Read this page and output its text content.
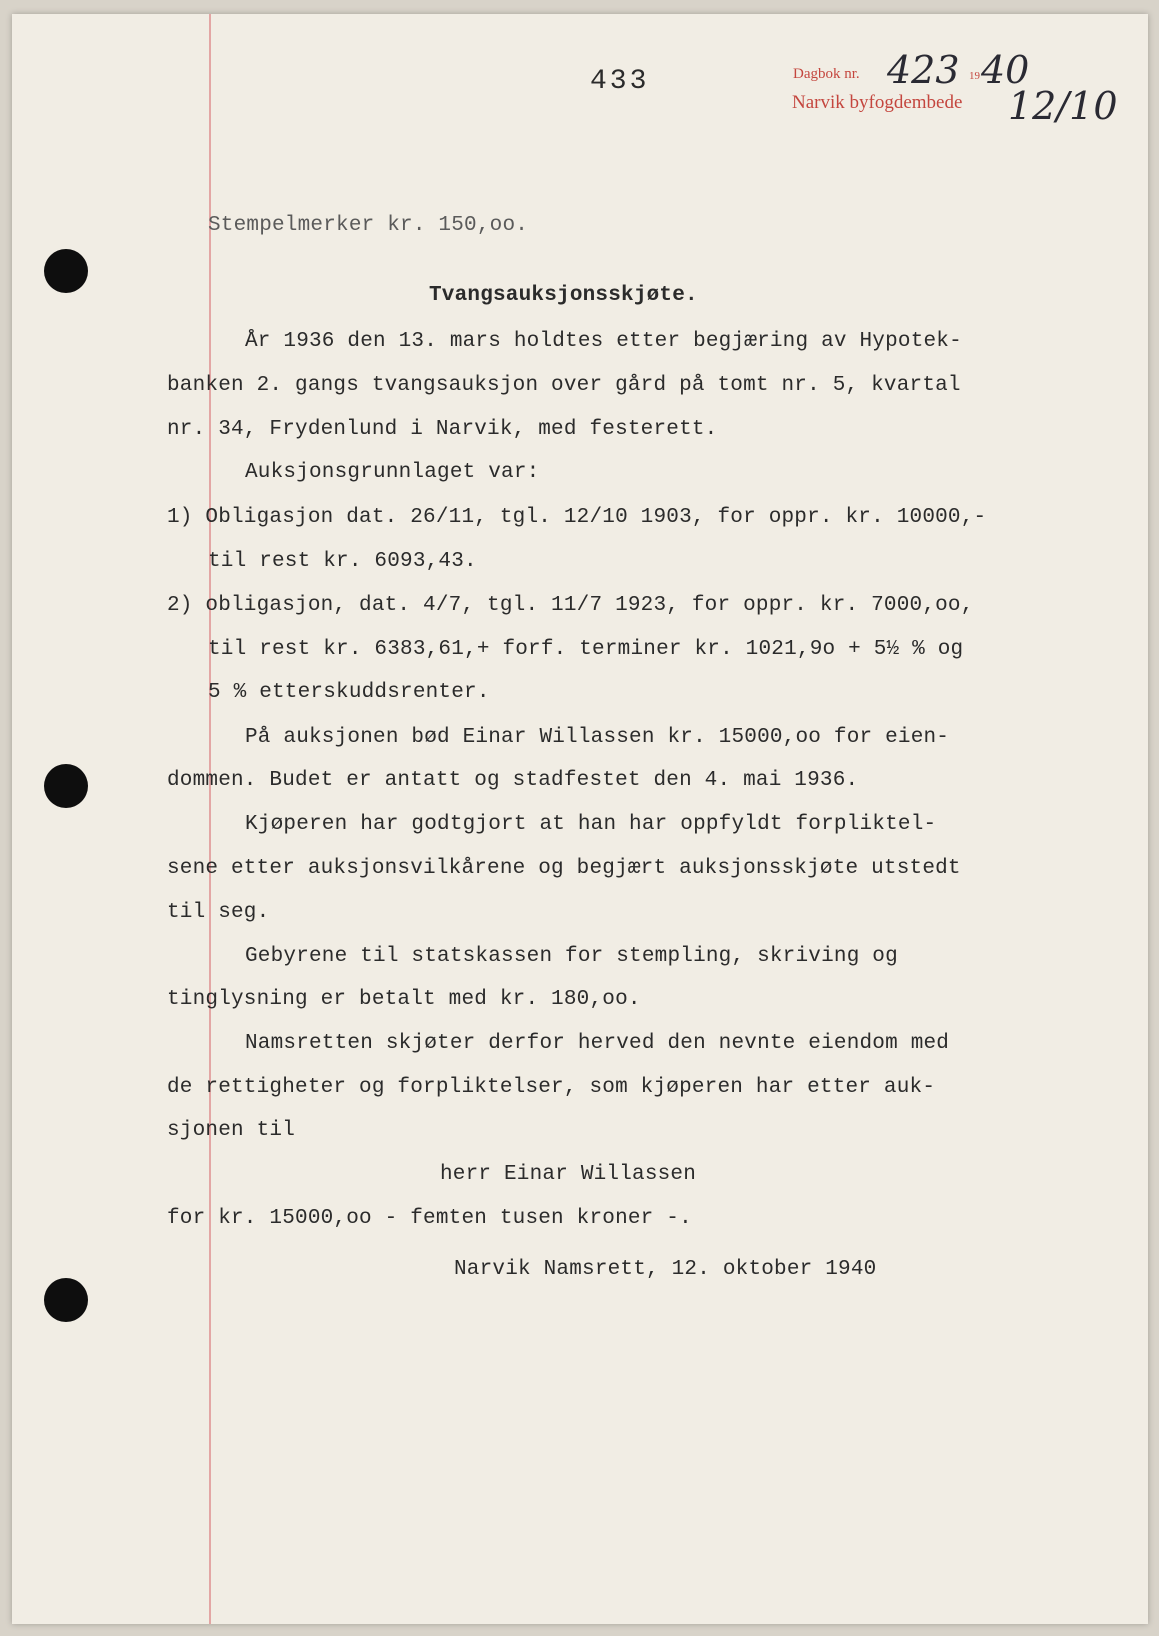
433	Dagbok nr.	19
Narvik byfogdembede
423 40
12/10
Stempelmerker kr. 150,oo.
Tvangsauksjonsskjøte.
År 1936 den 13. mars holdtes etter begjæring av Hypotek-
banken 2. gangs tvangsauksjon over gård på tomt nr. 5, kvartal
nr. 34, Frydenlund i Narvik, med festerett.
Auksjonsgrunnlaget var:
1) Obligasjon dat. 26/11, tgl. 12/10 1903, for oppr. kr. 10000,-
til rest kr. 6093,43.
2) obligasjon, dat. 4/7, tgl. 11/7 1923, for oppr. kr. 7000,oo,
til rest kr. 6383,61,+ forf. terminer kr. 1021,9o + 5½ % og
5 % etterskuddsrenter.
På auksjonen bød Einar Willassen kr. 15000,oo for eien-
dommen. Budet er antatt og stadfestet den 4. mai 1936.
Kjøperen har godtgjort at han har oppfyldt forpliktel-
sene etter auksjonsvilkårene og begjært auksjonsskjøte utstedt
til seg.
Gebyrene til statskassen for stempling, skriving og
tinglysning er betalt med kr. 180,oo.
Namsretten skjøter derfor herved den nevnte eiendom med
de rettigheter og forpliktelser, som kjøperen har etter auk-
sjonen til
herr Einar Willassen
for kr. 15000,oo - femten tusen kroner -.
Narvik Namsrett, 12. oktober 1940
